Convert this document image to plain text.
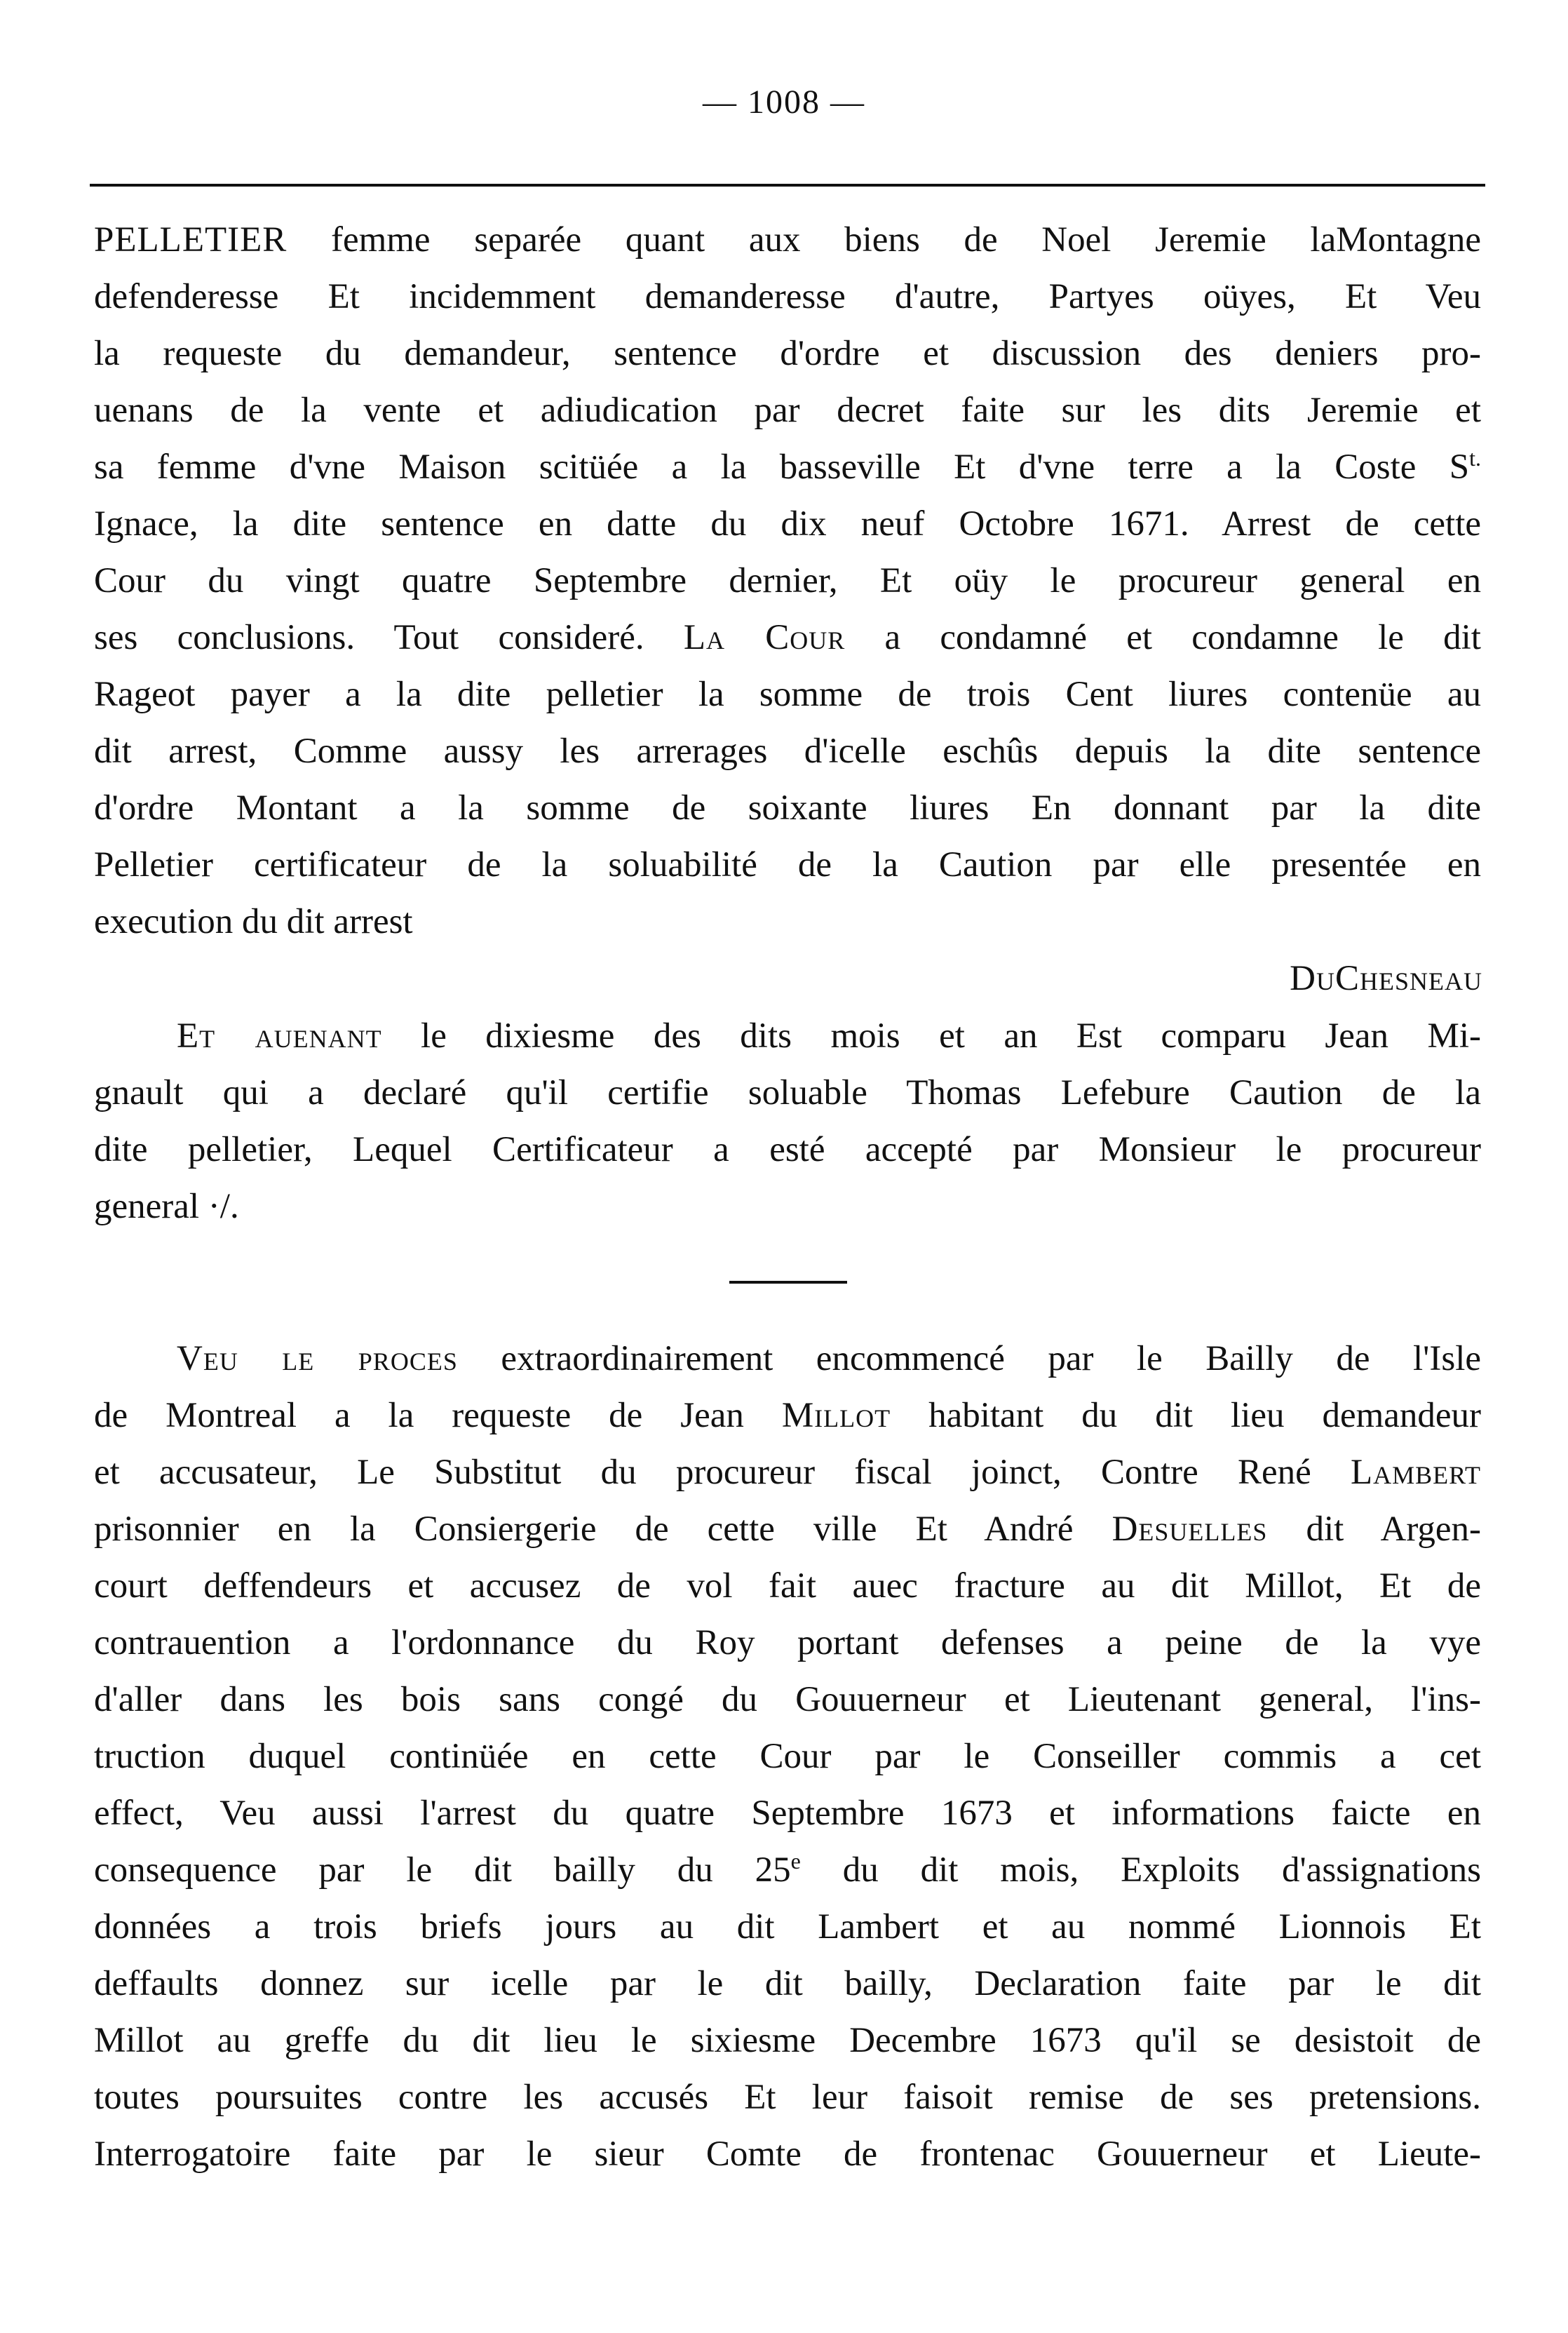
— 1008 —
PELLETIER femme separée quant aux biens de Noel Jeremie laMontagne
defenderesse Et incidemment demanderesse d'autre, Partyes oüyes, Et Veu
la requeste du demandeur, sentence d'ordre et discussion des deniers pro-
uenans de la vente et adiudication par decret faite sur les dits Jeremie et
sa femme d'vne Maison scitüée a la basseville Et d'vne terre a la Coste $S^{t.}$
Ignace, la dite sentence en datte du dix neuf Octobre 1671. Arrest de cette
Cour du vingt quatre Septembre dernier, Et oüy le procureur general en
ses conclusions. Tout consideré. La Cour a condamné et condamne le dit
Rageot payer a la dite pelletier la somme de trois Cent liures contenüe au
dit arrest, Comme aussy les arrerages d'icelle eschûs depuis la dite sentence
d'ordre Montant a la somme de soixante liures En donnant par la dite
Pelletier certificateur de la soluabilité de la Caution par elle presentée en
execution du dit arrest
DuChesneau
Et auenant le dixiesme des dits mois et an Est comparu Jean Mi-
gnault qui a declaré qu'il certifie soluable Thomas Lefebure Caution de la
dite pelletier, Lequel Certificateur a esté accepté par Monsieur le procureur
general ·/.
Veu le proces extraordinairement encommencé par le Bailly de l'Isle
de Montreal a la requeste de Jean Millot habitant du dit lieu demandeur
et accusateur, Le Substitut du procureur fiscal joinct, Contre René Lambert
prisonnier en la Consiergerie de cette ville Et André Desuelles dit Argen-
court deffendeurs et accusez de vol fait auec fracture au dit Millot, Et de
contrauention a l'ordonnance du Roy portant defenses a peine de la vye
d'aller dans les bois sans congé du Gouuerneur et Lieutenant general, l'ins-
truction duquel continüée en cette Cour par le Conseiller commis a cet
effect, Veu aussi l'arrest du quatre Septembre 1673 et informations faicte en
consequence par le dit bailly du 25e du dit mois, Exploits d'assignations
données a trois briefs jours au dit Lambert et au nommé Lionnois Et
deffaults donnez sur icelle par le dit bailly, Declaration faite par le dit
Millot au greffe du dit lieu le sixiesme Decembre 1673 qu'il se desistoit de
toutes poursuites contre les accusés Et leur faisoit remise de ses pretensions.
Interrogatoire faite par le sieur Comte de frontenac Gouuerneur et Lieute-
